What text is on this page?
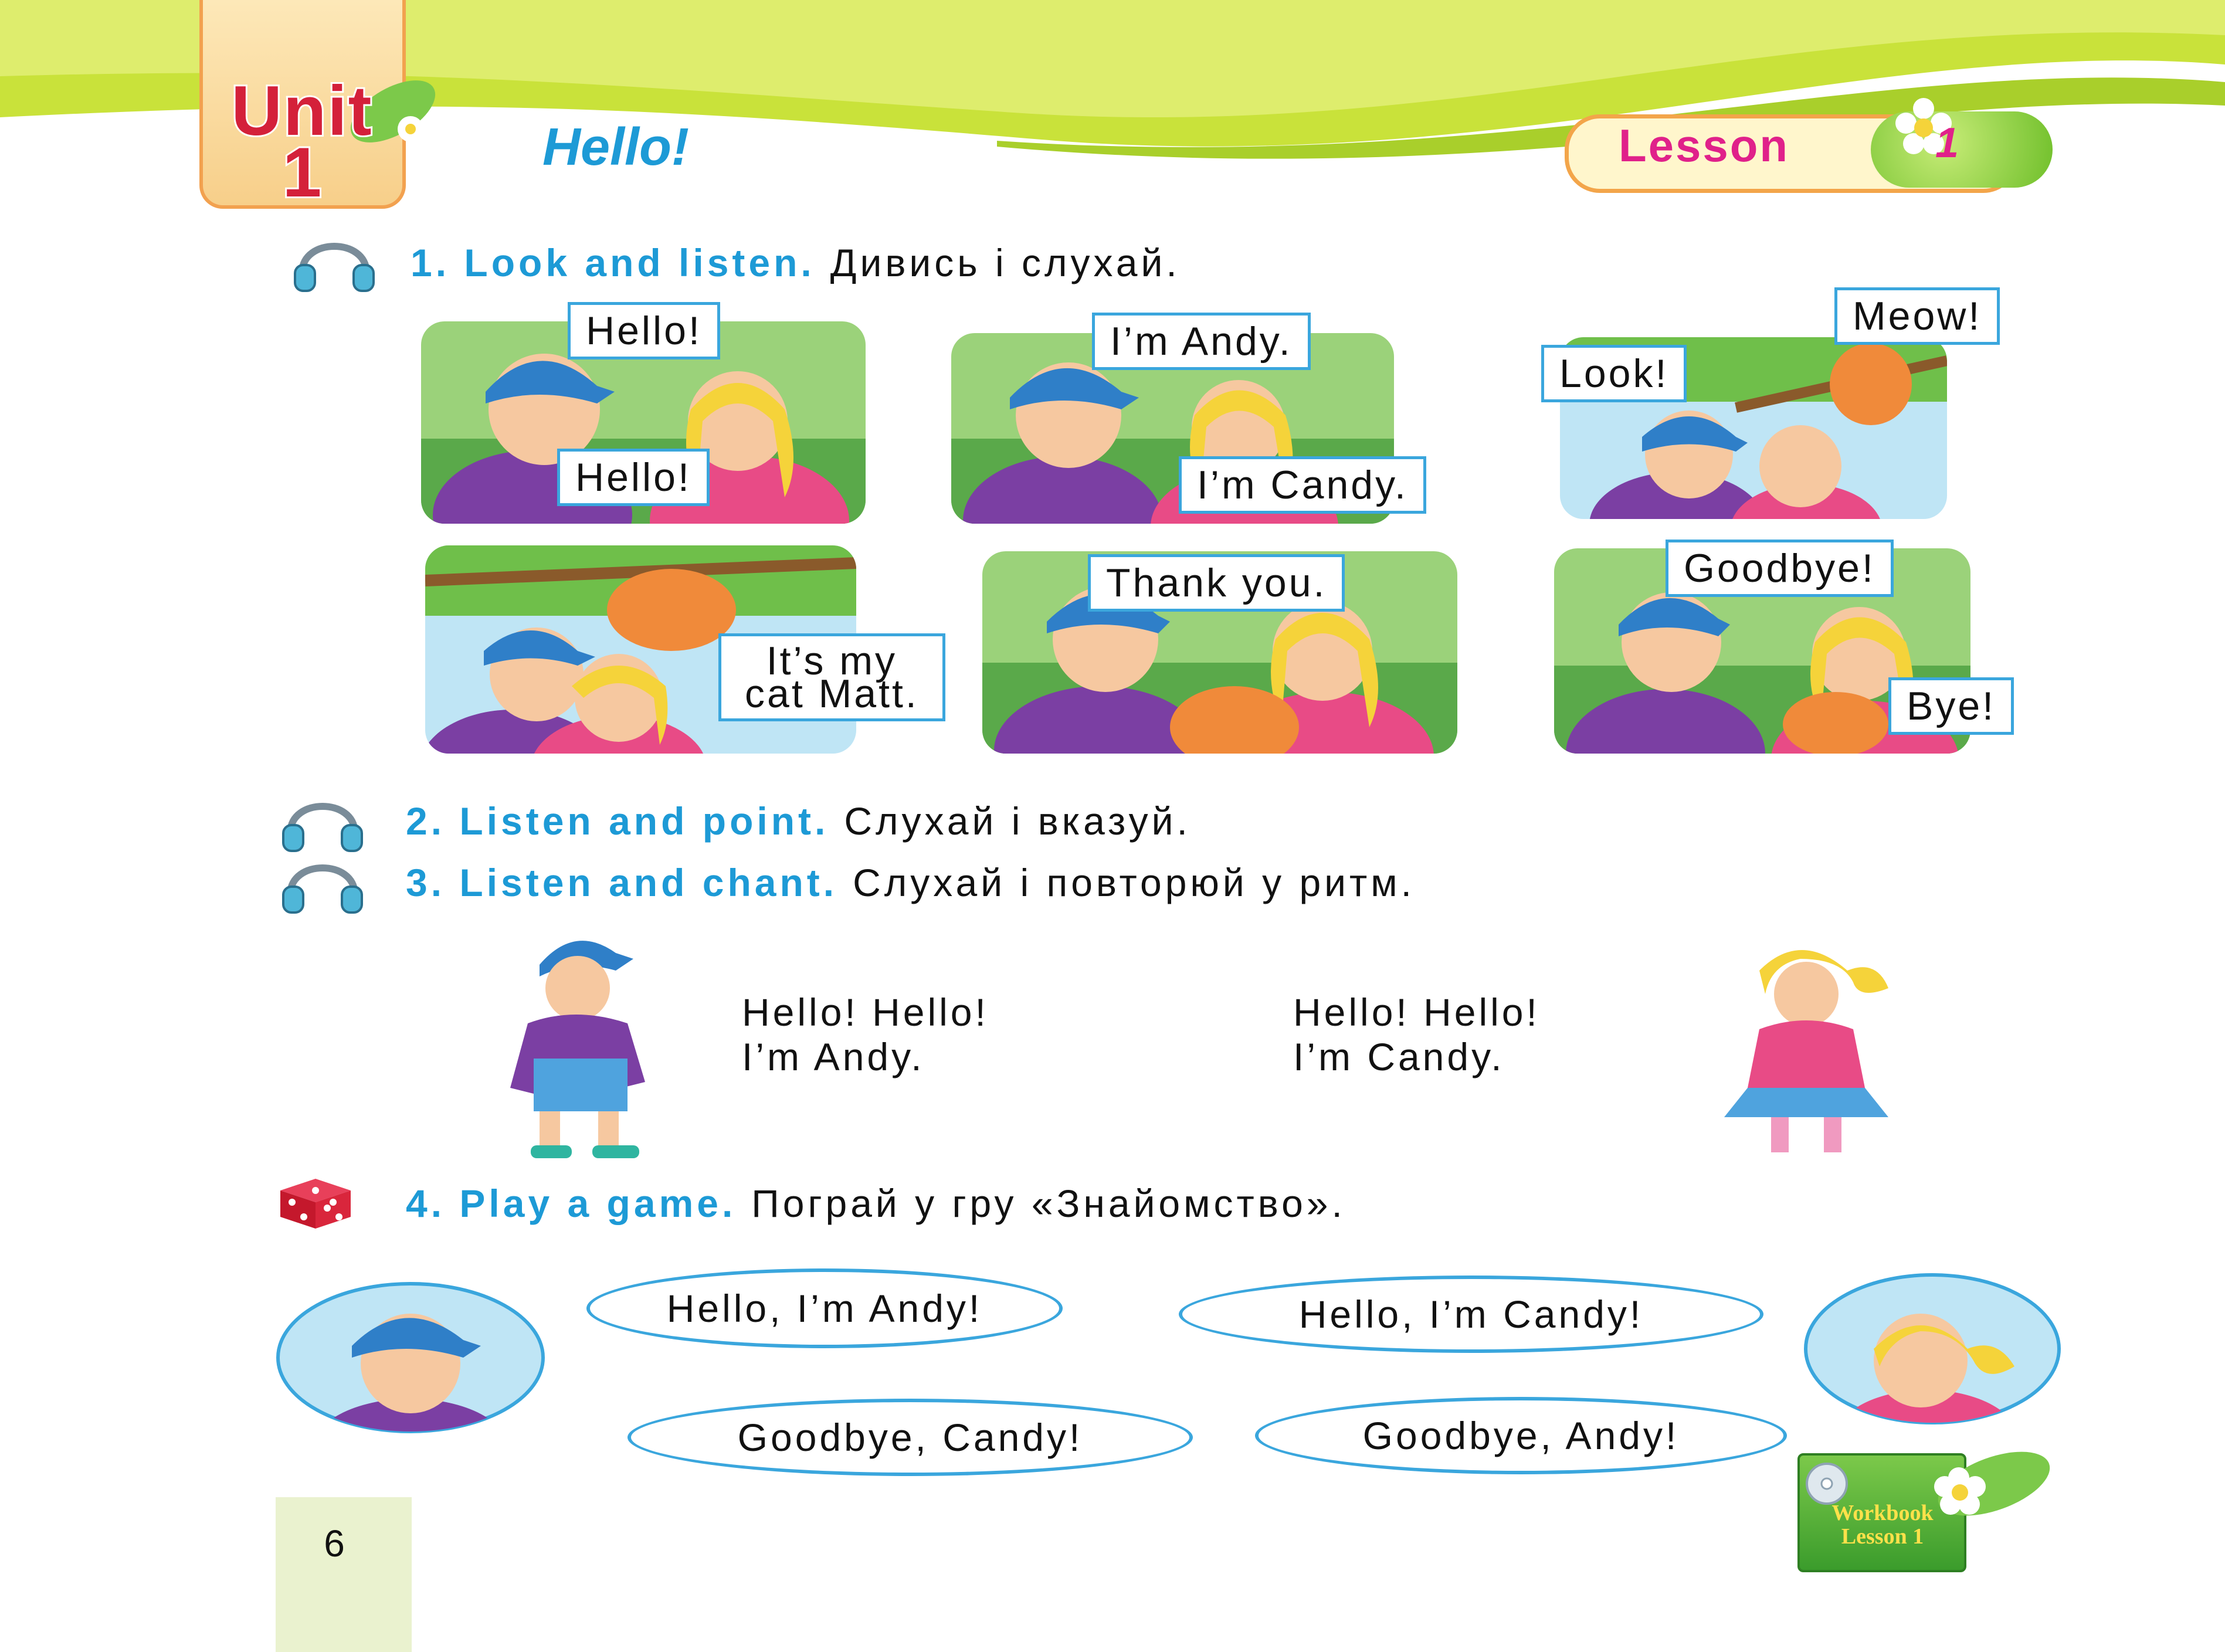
Unit
1	Hello!	Lesson	1
1. Look and listen. Дивись і слухай.
Hello!
Hello!
I’m Andy.
I’m Candy.
Meow!
Look!
It’s my
cat Matt.
Thank you.	Goodbye!
Bye!
2. Listen and point. Слухай і вказуй.
3. Listen and chant. Слухай і повторюй у ритм.
Hello! Hello!
I’m Andy.
Hello! Hello!
I’m Candy.
4. Play a game. Пограй у гру «Знайомство».
Hello, I’m Andy!	Hello, I’m Candy!
Goodbye, Candy!	Goodbye, Andy!
6
Workbook
Lesson 1
